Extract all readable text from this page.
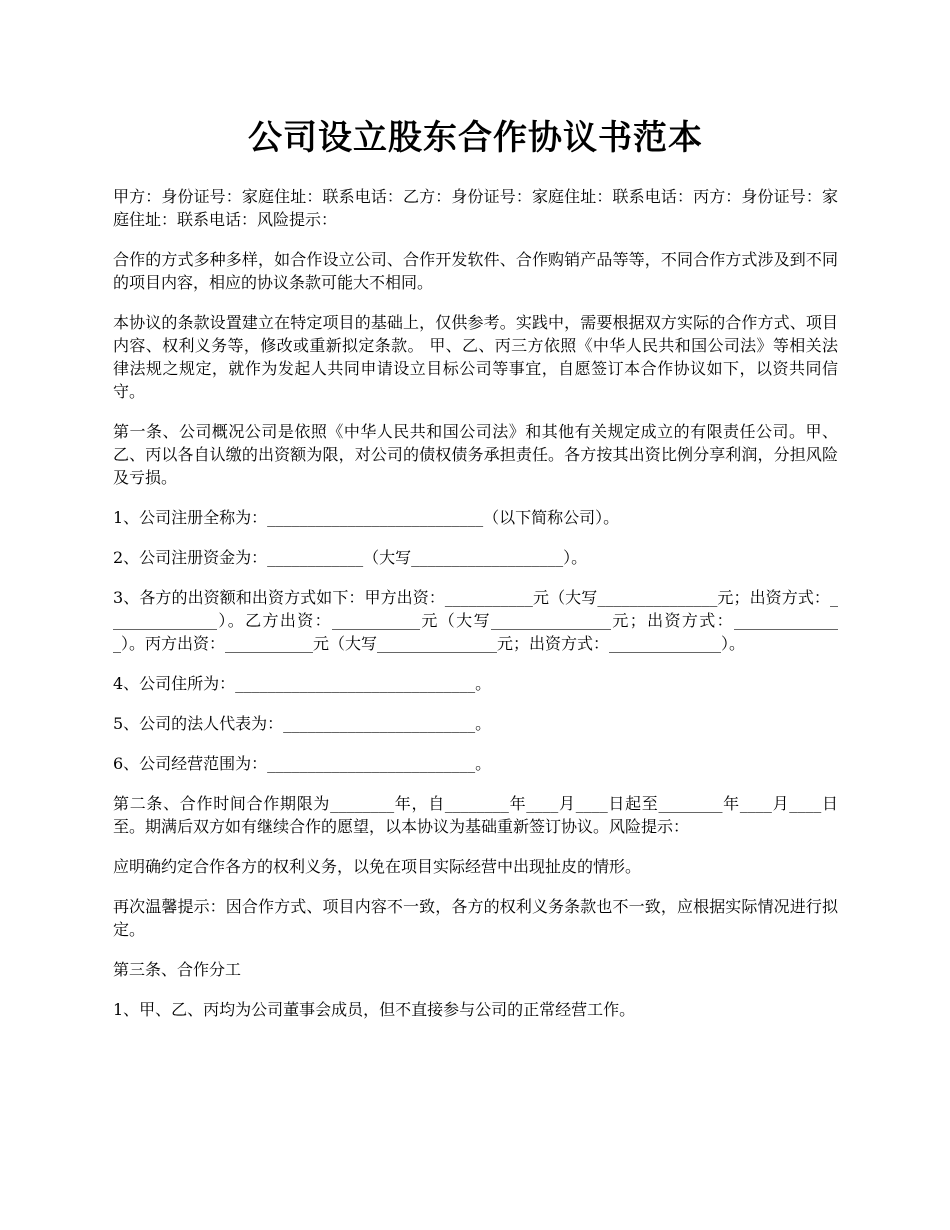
公司设立股东合作协议书范本

甲方：身份证号：家庭住址：联系电话：乙方：身份证号：家庭住址：联系电话：丙方：身份证号：家庭住址：联系电话：风险提示：

合作的方式多种多样，如合作设立公司、合作开发软件、合作购销产品等等，不同合作方式涉及到不同的项目内容，相应的协议条款可能大不相同。

本协议的条款设置建立在特定项目的基础上，仅供参考。实践中，需要根据双方实际的合作方式、项目内容、权利义务等，修改或重新拟定条款。 甲、乙、丙三方依照《中华人民共和国公司法》等相关法律法规之规定，就作为发起人共同申请设立目标公司等事宜，自愿签订本合作协议如下，以资共同信守。

第一条、公司概况公司是依照《中华人民共和国公司法》和其他有关规定成立的有限责任公司。甲、乙、丙以各自认缴的出资额为限，对公司的债权债务承担责任。各方按其出资比例分享利润，分担风险及亏损。

1、公司注册全称为：___________________________（以下简称公司）。

2、公司注册资金为：____________（大写___________________）。

3、各方的出资额和出资方式如下：甲方出资：___________元（大写_______________元；出资方式：______________）。乙方出资：___________元（大写_______________元；出资方式：______________）。丙方出资：___________元（大写_______________元；出资方式：______________）。

4、公司住所为：______________________________。

5、公司的法人代表为：________________________。

6、公司经营范围为：__________________________。

第二条、合作时间合作期限为________年，自________年____月____日起至________年____月____日至。期满后双方如有继续合作的愿望，以本协议为基础重新签订协议。风险提示：

应明确约定合作各方的权利义务，以免在项目实际经营中出现扯皮的情形。

再次温馨提示：因合作方式、项目内容不一致，各方的权利义务条款也不一致，应根据实际情况进行拟定。

第三条、合作分工

1、甲、乙、丙均为公司董事会成员，但不直接参与公司的正常经营工作。
